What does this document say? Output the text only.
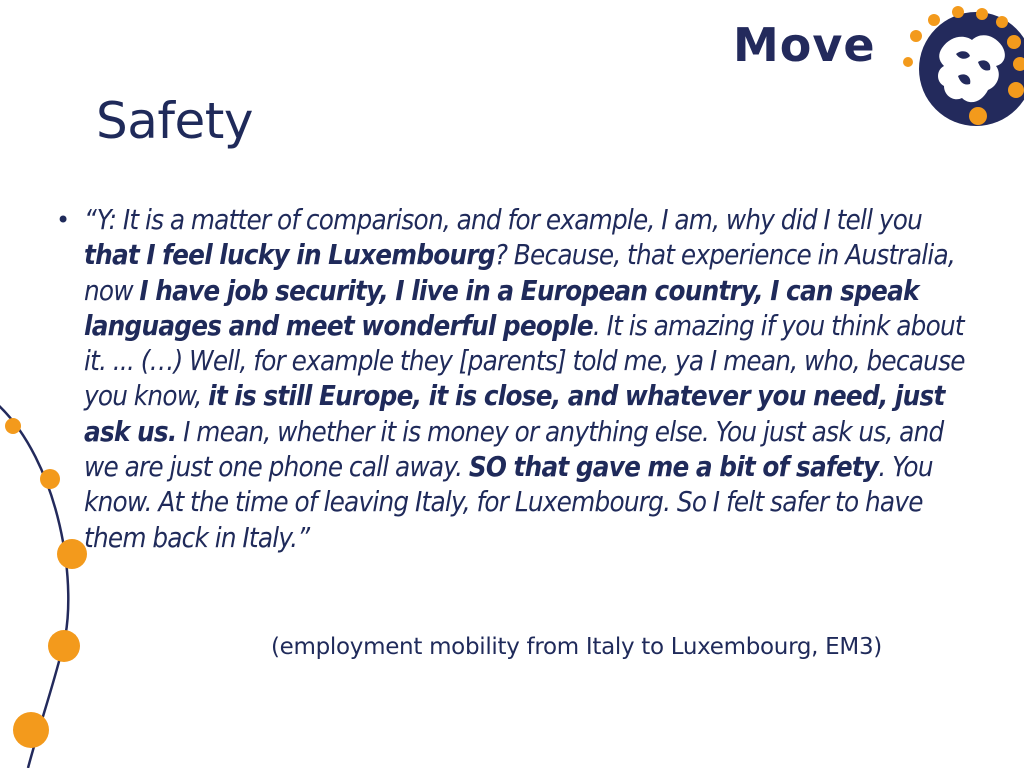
Move
Safety
• “Y: It is a matter of comparison, and for example, I am, why did I tell you that I feel lucky in Luxembourg? Because, that experience in Australia, now I have job security, I live in a European country, I can speak languages and meet wonderful people. It is amazing if you think about it. ... (…) Well, for example they [parents] told me, ya I mean, who, because you know, it is still Europe, it is close, and whatever you need, just ask us. I mean, whether it is money or anything else. You just ask us, and we are just one phone call away. SO that gave me a bit of safety. You know. At the time of leaving Italy, for Luxembourg. So I felt safer to have them back in Italy.”
(employment mobility from Italy to Luxembourg, EM3)
